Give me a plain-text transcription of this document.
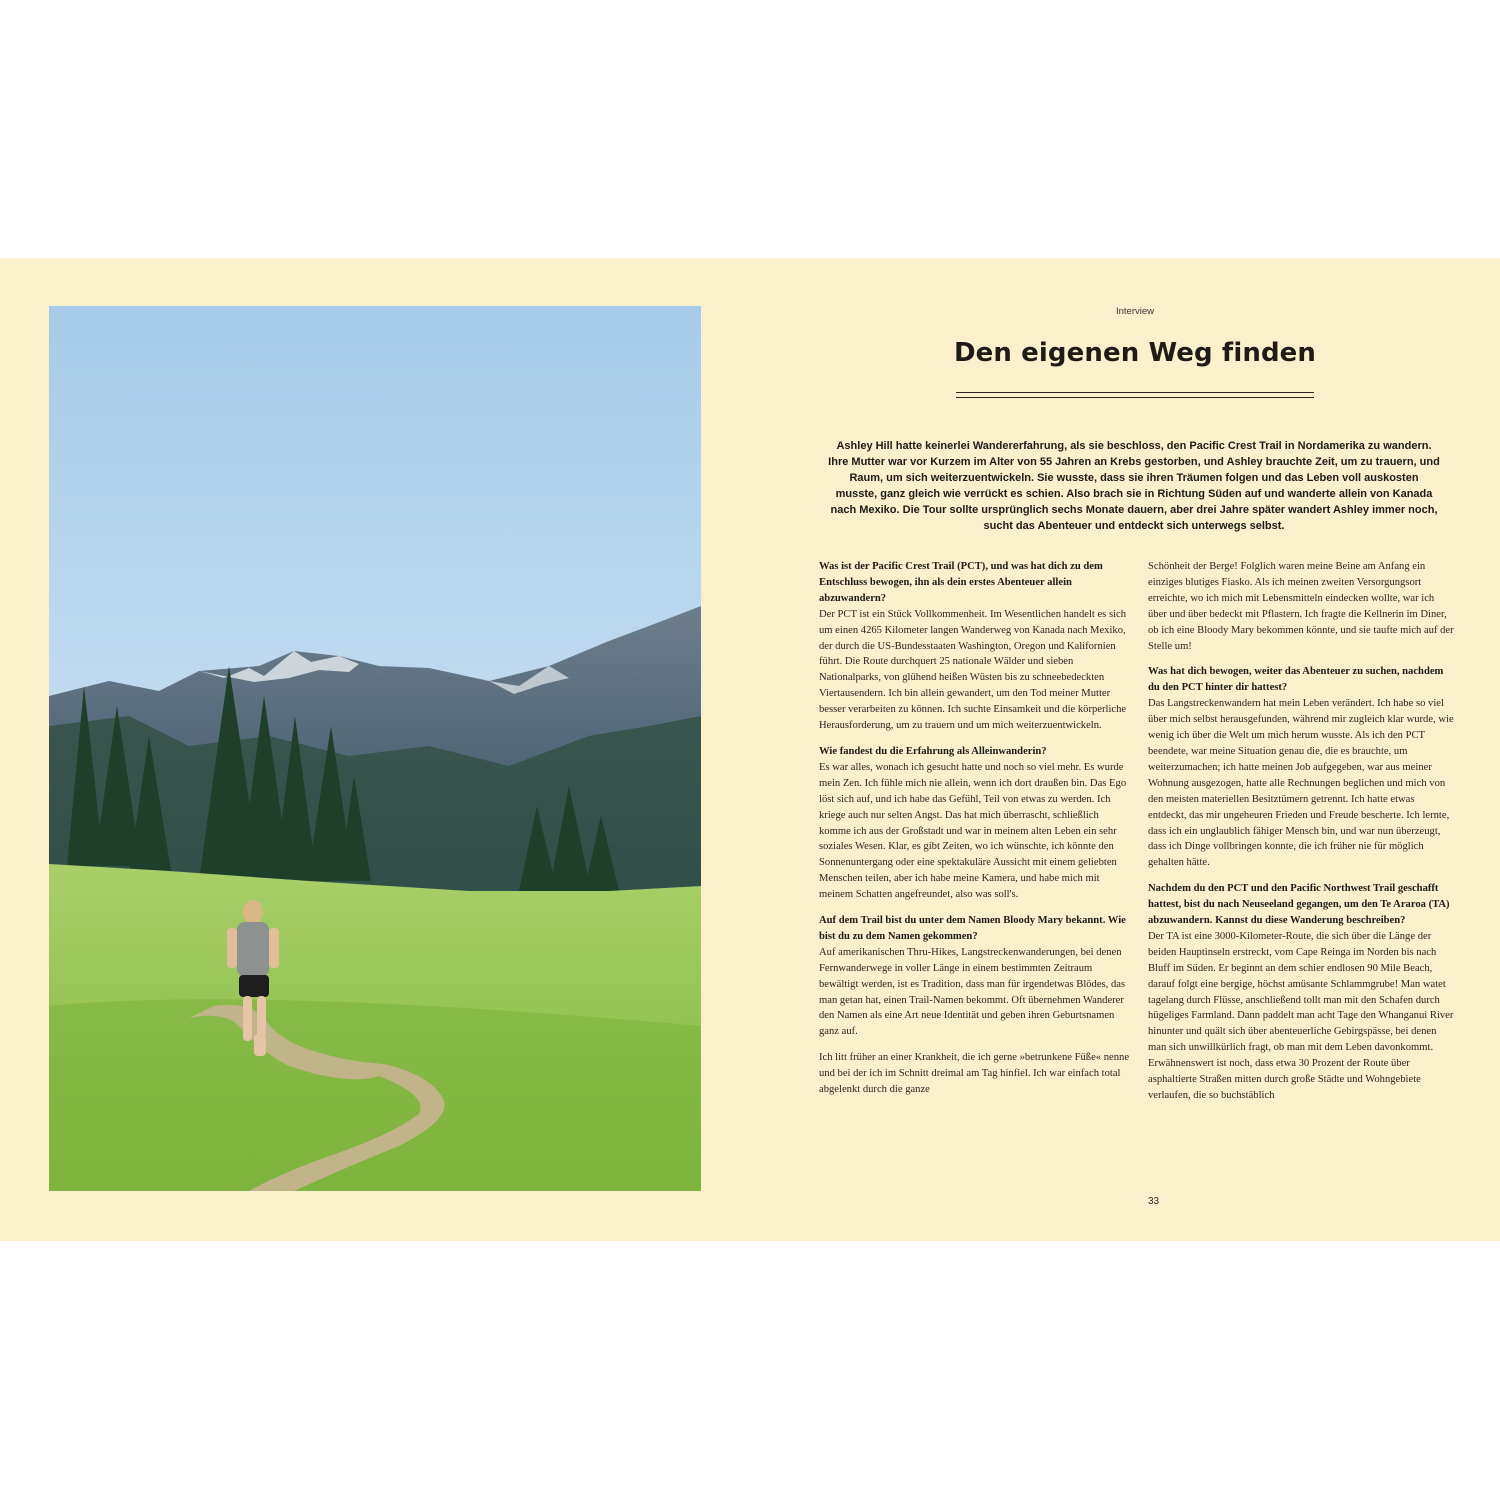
Interview
Den eigenen Weg finden

Ashley Hill hatte keinerlei Wandererfahrung, als sie beschloss, den Pacific Crest Trail in Nordamerika zu wandern. Ihre Mutter war vor Kurzem im Alter von 55 Jahren an Krebs gestorben, und Ashley brauchte Zeit, um zu trauern, und Raum, um sich weiterzuentwickeln. Sie wusste, dass sie ihren Träumen folgen und das Leben voll auskosten musste, ganz gleich wie verrückt es schien. Also brach sie in Richtung Süden auf und wanderte allein von Kanada nach Mexiko. Die Tour sollte ursprünglich sechs Monate dauern, aber drei Jahre später wandert Ashley immer noch, sucht das Abenteuer und entdeckt sich unterwegs selbst.

Was ist der Pacific Crest Trail (PCT), und was hat dich zu dem Entschluss bewogen, ihn als dein erstes Abenteuer allein abzuwandern?

Der PCT ist ein Stück Vollkommenheit. Im Wesentlichen handelt es sich um einen 4265 Kilometer langen Wanderweg von Kanada nach Mexiko, der durch die US-Bundesstaaten Washington, Oregon und Kalifornien führt. Die Route durchquert 25 nationale Wälder und sieben Nationalparks, von glühend heißen Wüsten bis zu schneebedeckten Viertausendern. Ich bin allein gewandert, um den Tod meiner Mutter besser verarbeiten zu können. Ich suchte Einsamkeit und die körperliche Herausforderung, um zu trauern und um mich weiterzuentwickeln.

Wie fandest du die Erfahrung als Alleinwanderin?

Es war alles, wonach ich gesucht hatte und noch so viel mehr. Es wurde mein Zen. Ich fühle mich nie allein, wenn ich dort draußen bin. Das Ego löst sich auf, und ich habe das Gefühl, Teil von etwas zu werden. Ich kriege auch nur selten Angst. Das hat mich überrascht, schließlich komme ich aus der Großstadt und war in meinem alten Leben ein sehr soziales Wesen. Klar, es gibt Zeiten, wo ich wünschte, ich könnte den Sonnenuntergang oder eine spektakuläre Aussicht mit einem geliebten Menschen teilen, aber ich habe meine Kamera, und habe mich mit meinem Schatten angefreundet, also was soll's.

Auf dem Trail bist du unter dem Namen Bloody Mary bekannt. Wie bist du zu dem Namen gekommen?

Auf amerikanischen Thru-Hikes, Langstreckenwanderungen, bei denen Fernwanderwege in voller Länge in einem bestimmten Zeitraum bewältigt werden, ist es Tradition, dass man für irgendetwas Blödes, das man getan hat, einen Trail-Namen bekommt. Oft übernehmen Wanderer den Namen als eine Art neue Identität und geben ihren Geburtsnamen ganz auf.

Ich litt früher an einer Krankheit, die ich gerne »betrunkene Füße« nenne und bei der ich im Schnitt dreimal am Tag hinfiel. Ich war einfach total abgelenkt durch die ganze

Schönheit der Berge! Folglich waren meine Beine am Anfang ein einziges blutiges Fiasko. Als ich meinen zweiten Versorgungsort erreichte, wo ich mich mit Lebensmitteln eindecken wollte, war ich über und über bedeckt mit Pflastern. Ich fragte die Kellnerin im Diner, ob ich eine Bloody Mary bekommen könnte, und sie taufte mich auf der Stelle um!

Was hat dich bewogen, weiter das Abenteuer zu suchen, nachdem du den PCT hinter dir hattest?

Das Langstreckenwandern hat mein Leben verändert. Ich habe so viel über mich selbst herausgefunden, während mir zugleich klar wurde, wie wenig ich über die Welt um mich herum wusste. Als ich den PCT beendete, war meine Situation genau die, die es brauchte, um weiterzumachen; ich hatte meinen Job aufgegeben, war aus meiner Wohnung ausgezogen, hatte alle Rechnungen beglichen und mich von den meisten materiellen Besitztümern getrennt. Ich hatte etwas entdeckt, das mir ungeheuren Frieden und Freude bescherte. Ich lernte, dass ich ein unglaublich fähiger Mensch bin, und war nun überzeugt, dass ich Dinge vollbringen konnte, die ich früher nie für möglich gehalten hätte.

Nachdem du den PCT und den Pacific Northwest Trail geschafft hattest, bist du nach Neuseeland gegangen, um den Te Araroa (TA) abzuwandern. Kannst du diese Wanderung beschreiben?

Der TA ist eine 3000-Kilometer-Route, die sich über die Länge der beiden Hauptinseln erstreckt, vom Cape Reinga im Norden bis nach Bluff im Süden. Er beginnt an dem schier endlosen 90 Mile Beach, darauf folgt eine bergige, höchst amüsante Schlammgrube! Man watet tagelang durch Flüsse, anschließend tollt man mit den Schafen durch hügeliges Farmland. Dann paddelt man acht Tage den Whanganui River hinunter und quält sich über abenteuerliche Gebirgspässe, bei denen man sich unwillkürlich fragt, ob man mit dem Leben davonkommt. Erwähnenswert ist noch, dass etwa 30 Prozent der Route über asphaltierte Straßen mitten durch große Städte und Wohngebiete verlaufen, die so buchstäblich

33
